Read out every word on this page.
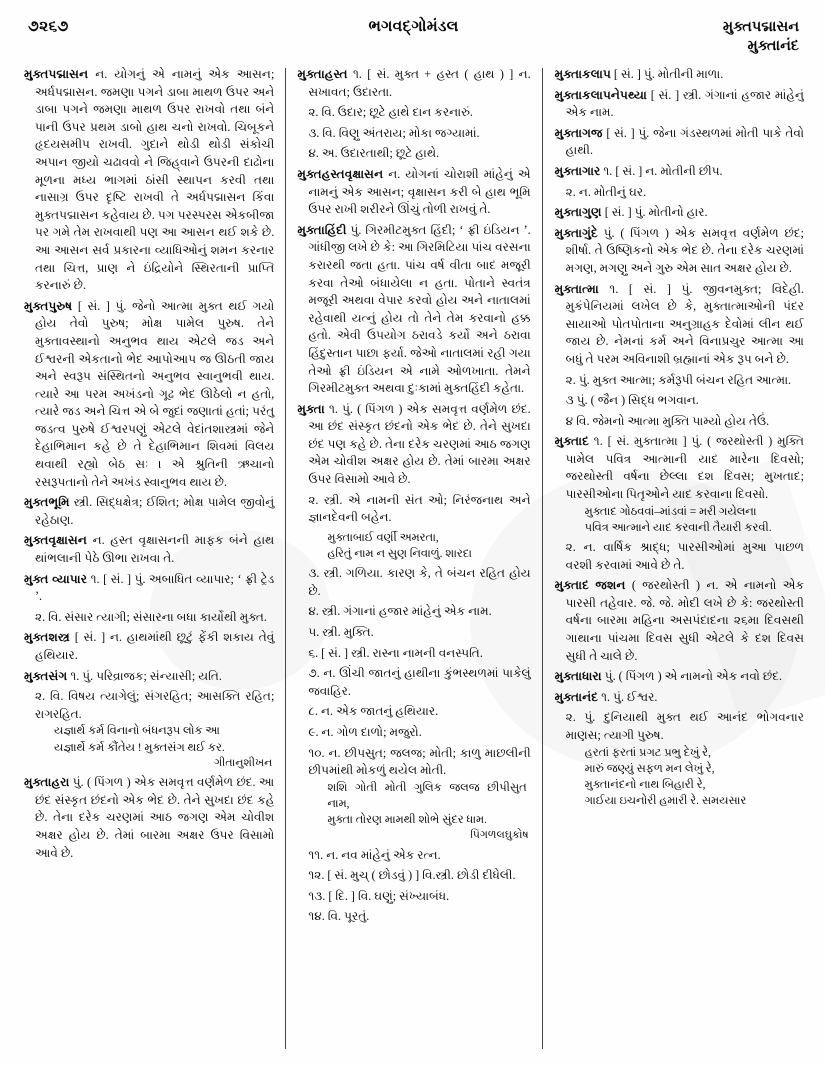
૭૨૬૭	ભગવદ્ગોમંડલ	મુક્તપદ્માસન
મુક્તાનંદ

મુક્તપદ્માસન ન. યોગનું એ નામનું એક આસન; અર્ધપદ્માસન. જમણા પગને ડાબા માથળ ઉપર અને ડાબા પગને જમણા માથળ ઉપર રાખવો તથા બંને પાની ઉપર પ્રથમ ડાબો હાથ ચનો રાખવો. ચિબૂકને હૃદયસમીપ રાખવી. ગુદાને થોડી થોડી સંકોચી અપાન જીયો ચઢાવવો ને જિહ્‌વાને ઉપરની દાઢોના મૂળના મધ્ય ભાગમાં ઠાંસી સ્થાપન કરવી તથા નાસાગ્ર ઉપર દૃષ્ટિ રાખવી તે અર્ધપદ્માસન કિંવા મુક્તપદ્માસન કહેવાય છે. પગ પરસ્પરસ એકબીજા પર ગમે તેમ રાખવાથી પણ આ આસન થઈ શકે છે. આ આસન સર્વ પ્રકારના વ્યાધિઓનું શમન કરનાર તથા ચિત્ત, પ્રાણ ને ઇંદ્રિયોને સ્થિરતાની પ્રાપ્તિ કરનારું છે.

મુક્તપુરુષ [ સં. ] પું. જેનો આત્મા મુક્ત થઈ ગયો હોય તેવો પુરુષ; મોક્ષ પામેલ પુરુષ. તેને મુક્તાવસ્થાનો અનુભવ થાય એટલે જડ અને ઈશ્વરની એકતાનો ભેદ આપોઆપ જ ઊઠતી જાય અને સ્વરૂપ સંસ્થિતનો અનુભવ સ્વાનુભવી થાય. ત્યારે આ પરમ અખંડનો ગૂઢ ભેદ ઊઠેલો ન હતો, ત્યારે જડ અને ચિત્ત એ બે જુદાં જણાતાં હતાં; પરંતુ જડત્વ પુરુષે ઈશ્વરપણું એટલે વેદાંતશાસ્ત્રમાં જેને દેહાભિમાન કહે છે તે દેહાભિમાન શિવમાં વિલય થવાથી રહ્યો બેઠ સઃ । એ શ્રુતિની ઋચાનો રસરૂપતાનો તેને અખંડ સ્વાનુભવ થાય છે.

મુક્તભૂમિ સ્ત્રી. સિદ્ધક્ષેત્ર; ઈશિત; મોક્ષ પામેલ જીવોનું રહેઠાણ.

મુક્તવૃક્ષાસન ન. હસ્ત વૃક્ષાસનની માફક બંને હાથ થાંભલાની પેઠે ઊભા રાખવા તે.

મુક્ત વ્યાપાર ૧. [ સં. ] પું. અબાધિત વ્યાપાર; ‘ ફ્રી ટ્રેડ ’.

૨. વિ. સંસાર ત્યાગી; સંસારના બધા કાર્યોથી મુક્ત.

મુક્તશસ્ત્ર [ સં. ] ન. હાથમાંથી છૂટું ફેંકી શકાય તેવું હથિયાર.

મુક્તસંગ ૧. પું. પરિવ્રાજક; સંન્યાસી; યતિ.

૨. વિ. વિષય ત્યાગેલું; સંગરહિત; આસક્તિ રહિત; રાગરહિત.

યજ્ઞાર્થ કર્મ વિનાનો બંધનરૂપ લોક આ
યજ્ઞાર્થે કર્મ કૌંતેય ! મુક્તસંગ થઈ કર.
ગીતાનુશીખન

મુક્તાહરા પું. ( પિંગળ ) એક સમવૃત્ત વર્ણમેળ છંદ. આ છંદ સંસ્કૃત છંદનો એક ભેદ છે. તેને સુખદા છંદ કહે છે. તેના દરેક ચરણમાં આઠ જગણ એમ ચોવીશ અક્ષર હોય છે. તેમાં બારમા અક્ષર ઉપર વિસામો આવે છે.

મુક્તાહસ્ત ૧. [ સં. મુક્ત + હસ્ત ( હાથ ) ] ન. સખાવત; ઉદારતા.

૨. વિ. ઉદાર; છૂટે હાથે દાન કરનારું.

૩. વિ. વિણુ અંતરાય; મોકા જગ્યામાં.

૪. અ. ઉદારતાથી; છૂટે હાથે.

મુક્તહસ્તવૃક્ષાસન ન. યોગનાં ચોરાશી માંહેનું એ નામનું એક આસન; વૃક્ષાસન કરી બે હાથ ભૂમિ ઉપર રાખી શરીરને ઊંચું તોળી રાખવું તે.

મુક્તાહિંદી પું. ગિરમીટમુક્ત હિંદી; ‘ ફ્રી ઇંડિયન ’. ગાંધીજી લખે છે કે: આ ગિરમિટિયા પાંચ વરસના કરારથી જતા હતા. પાંચ વર્ષ વીતા બાદ મજૂરી કરવા તેઓ બંધાયેલા ન હતા. પોતાને સ્વતંત્ર મજૂરી અથવા વેપાર કરવો હોય અને નાતાલમાં રહેવાથી યત્નું હોય તો તેને તેમ કરવાનો હક્ક હતો. એવી ઉપયોગ ઠરાવડે કર્યો અને ઠરાવા હિંદુસ્તાન પાછા ફર્યા. જેઓ નાતાલમાં રહી ગયા તેઓ ફ્રી ઇંડિયન એ નામે ઓળખાતા. તેમને ગિરમીટમુક્ત અથવા દુઃકામાં મુક્તહિંદી કહેતા.

મુક્તા ૧. પું. ( પિંગળ ) એક સમવૃત્ત વર્ણમેળ છંદ. આ છંદ સંસ્કૃત છંદનો એક ભેદ છે. તેને સુખદા છંદ પણ કહે છે. તેના દરેક ચરણમાં આઠ જગણ એમ ચોવીશ અક્ષર હોય છે. તેમાં બારમા અક્ષર ઉપર વિસામો આવે છે.

૨. સ્ત્રી. એ નામની સંત ઓ; નિરંજનાથ અને જ્ઞાનદેવની બહેન.

મુક્તાબાઈ વર્ણી અમરતા,
હરિતું નામ ન સુણ નિવાળું. શારદા

૩. સ્ત્રી. ગળિયા. કારણ કે, તે બંચન રહિત હોય છે.

૪. સ્ત્રી. ગંગાનાં હજાર માંહેનું એક નામ.

૫. સ્ત્રી. મુક્તિ.

૬. [ સં. ] સ્ત્રી. રાસ્ના નામની વનસ્પતિ.

૭. ન. ઊંચી જાતનું હાથીના કુંભસ્થળમાં પાકેલું જવાહિર.

૮. ન. એક જાતનું હથિયાર.

૯. ન. ગોળ દાળો; મજુરો.

૧૦. ન. છીપસુત; જલજ; મોતી; કાળુ માછલીની છીપમાંથી મોકળું થયેલ મોતી.

શશિ ગોતી મોતી ગુલિક જલજ છીપીસુત નામ,
મુક્તા તોરણ મામથી શોભે સુંદર ધામ.
પિંગળલઘુકોષ

૧૧. ન. નવ માંહેનું એક રત્ન.

૧૨. [ સં. મુચ્ ( છોડવું ) ] વિ.સ્ત્રી. છોડી દીધેલી.

૧૩. [ દિ. ] વિ. ઘણું; સંખ્યાબંધ.

૧૪. વિ. પૂરતું.

મુક્તાકલાપ [ સં. ] પું. મોતીની માળા.

મુક્તાકલાપનેપથ્યા [ સં. ] સ્ત્રી. ગંગાનાં હજાર માંહેનું એક નામ.

મુક્તાગજ [ સં. ] પું. જેના ગંડસ્થળમાં મોતી પાકે તેવો હાથી.

મુક્તાગાર ૧. [ સં. ] ન. મોતીની છીપ.

૨. ન. મોતીનું ઘર.

મુક્તાગુણ [ સં. ] પું. મોતીનો હાર.

મુક્તાગુંદે પું. ( પિંગળ ) એક સમવૃત્ત વર્ણમેળ છંદ; શીર્ષા. તે ઉષ્ણિકનો એક ભેદ છે. તેના દરેક ચરણમાં મગણ, મગણુ અને ગુરુ એમ સાત અક્ષર હોય છે.

મુક્તાત્મા ૧. [ સં. ] પું. જીવનમુક્ત; વિદેહી. મુકંપેનિયમાં લખેલ છે કે, મુક્તાત્માઓની પંદર સાયાઓ પોતપોતાના અનુગ્રાહક દેવોમાં લીન થઈ જાય છે. નેમનાં કર્મ અને વિનાપ્રચુર આત્મા આ બધું તે પરમ અવિનાશી બ્રહ્માનાં એક રૂપ બને છે.

૨. પું. મુક્ત આત્મા; કર્મરૂપી બંચન રહિત આત્મા.

૩ પું. ( જૈન ) સિદ્ધ ભગવાન.

૪ વિ. જેમનો આત્મા મુક્તિ પામ્યો હોય તેઉં.

મુક્તાદ ૧. [ સં. મુક્તાત્મા ] પું. ( જરથોસ્તી ) મુક્તિ પામેલ પવિત્ર આત્માની યાદ મારેના દિવસો; જરથોસ્તી વર્ષના છેલ્લા દશ દિવસ; મુખતાદ; પારસીઓના પિતૃઓને યાદ કરવાના દિવસો.

મુક્તાદ ગોઠવવાં–માંડવાં = મરી ગયેલના
પવિત્ર આત્માને યાદ કરવાની તૈયારી કરવી.

૨. ન. વાર્ષિક શ્રાદ્ધ; પારસીઓમાં મુઆ પાછળ વરશી કરવામાં આવે છે તે.

મુક્તાદ જશન ( જરથોસ્તી ) ન. એ નામનો એક પારસી તહેવાર. જે. જે. મોદી લખે છે કે: જરથોસ્તી વર્ષના બારમા મહિના અસપંદાદના ૨૬મા દિવસથી ગાથાના પાંચમા દિવસ સુધી એટલે કે દશ દિવસ સુધી તે ચાલે છે.

મુક્તાધારા પું. ( પિંગળ ) એ નામનો એક નવો છંદ.

મુક્તાનંદ ૧. પું. ઈશ્વર.

૨. પું. દુનિયાથી મુક્ત થઈ આનંદ ભોગવનાર માણસ; ત્યાગી પુરુષ.

હરતાં ફરતાં પ્રગટ પ્રભુ દેખું રે,
મારું જણ્યું સફળ મન લેખું રે,
મુક્તાનંદનો નાથ બિહારી રે,
ગાઈયા ઇચનોરી હમારી રે. સમયસાર
